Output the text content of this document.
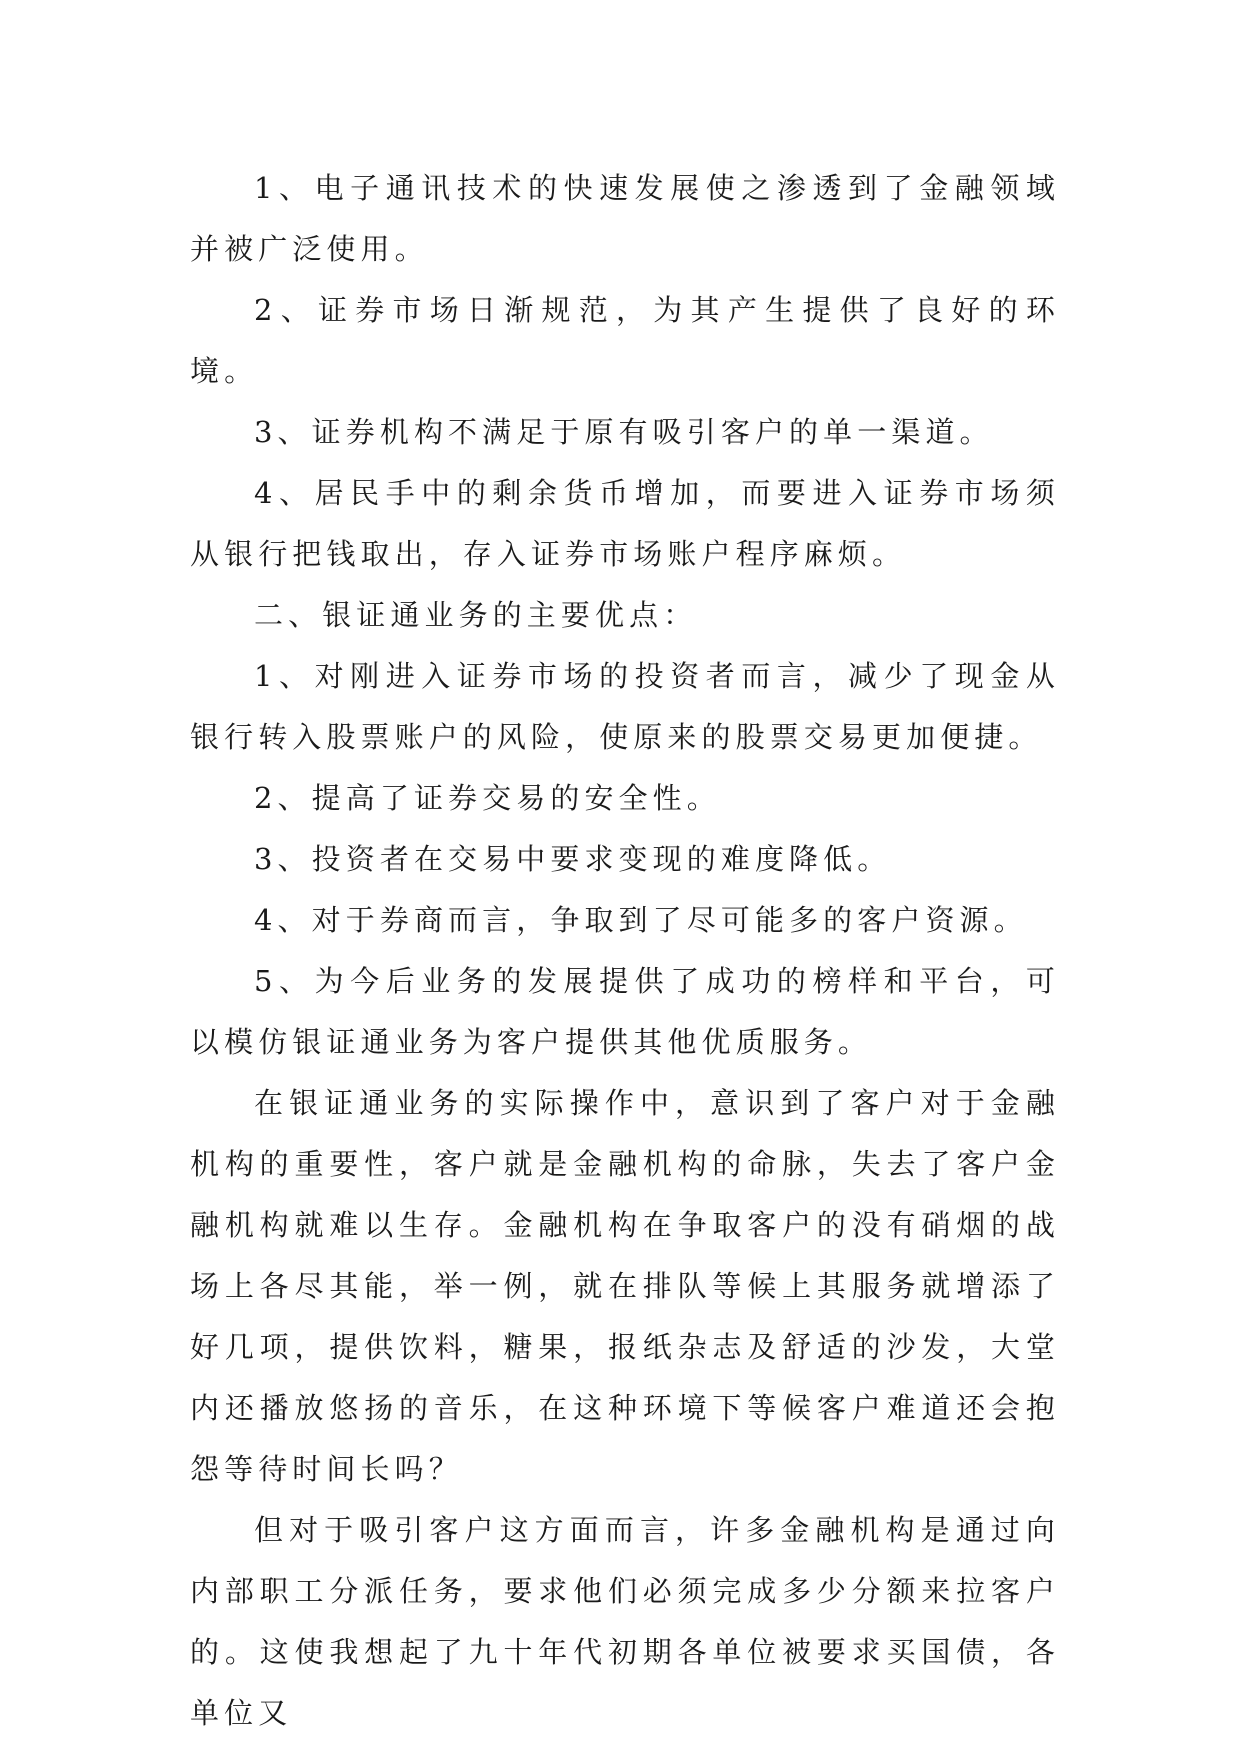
1、电子通讯技术的快速发展使之渗透到了金融领域并被广泛使用。

2、证券市场日渐规范，为其产生提供了良好的环境。

3、证券机构不满足于原有吸引客户的单一渠道。

4、居民手中的剩余货币增加，而要进入证券市场须从银行把钱取出，存入证券市场账户程序麻烦。

二、银证通业务的主要优点：

1、对刚进入证券市场的投资者而言，减少了现金从银行转入股票账户的风险，使原来的股票交易更加便捷。

2、提高了证券交易的安全性。

3、投资者在交易中要求变现的难度降低。

4、对于券商而言，争取到了尽可能多的客户资源。

5、为今后业务的发展提供了成功的榜样和平台，可以模仿银证通业务为客户提供其他优质服务。

在银证通业务的实际操作中，意识到了客户对于金融机构的重要性，客户就是金融机构的命脉，失去了客户金融机构就难以生存。金融机构在争取客户的没有硝烟的战场上各尽其能，举一例，就在排队等候上其服务就增添了好几项，提供饮料，糖果，报纸杂志及舒适的沙发，大堂内还播放悠扬的音乐，在这种环境下等候客户难道还会抱怨等待时间长吗？

但对于吸引客户这方面而言，许多金融机构是通过向内部职工分派任务，要求他们必须完成多少分额来拉客户的。这使我想起了九十年代初期各单位被要求买国债，各单位又
